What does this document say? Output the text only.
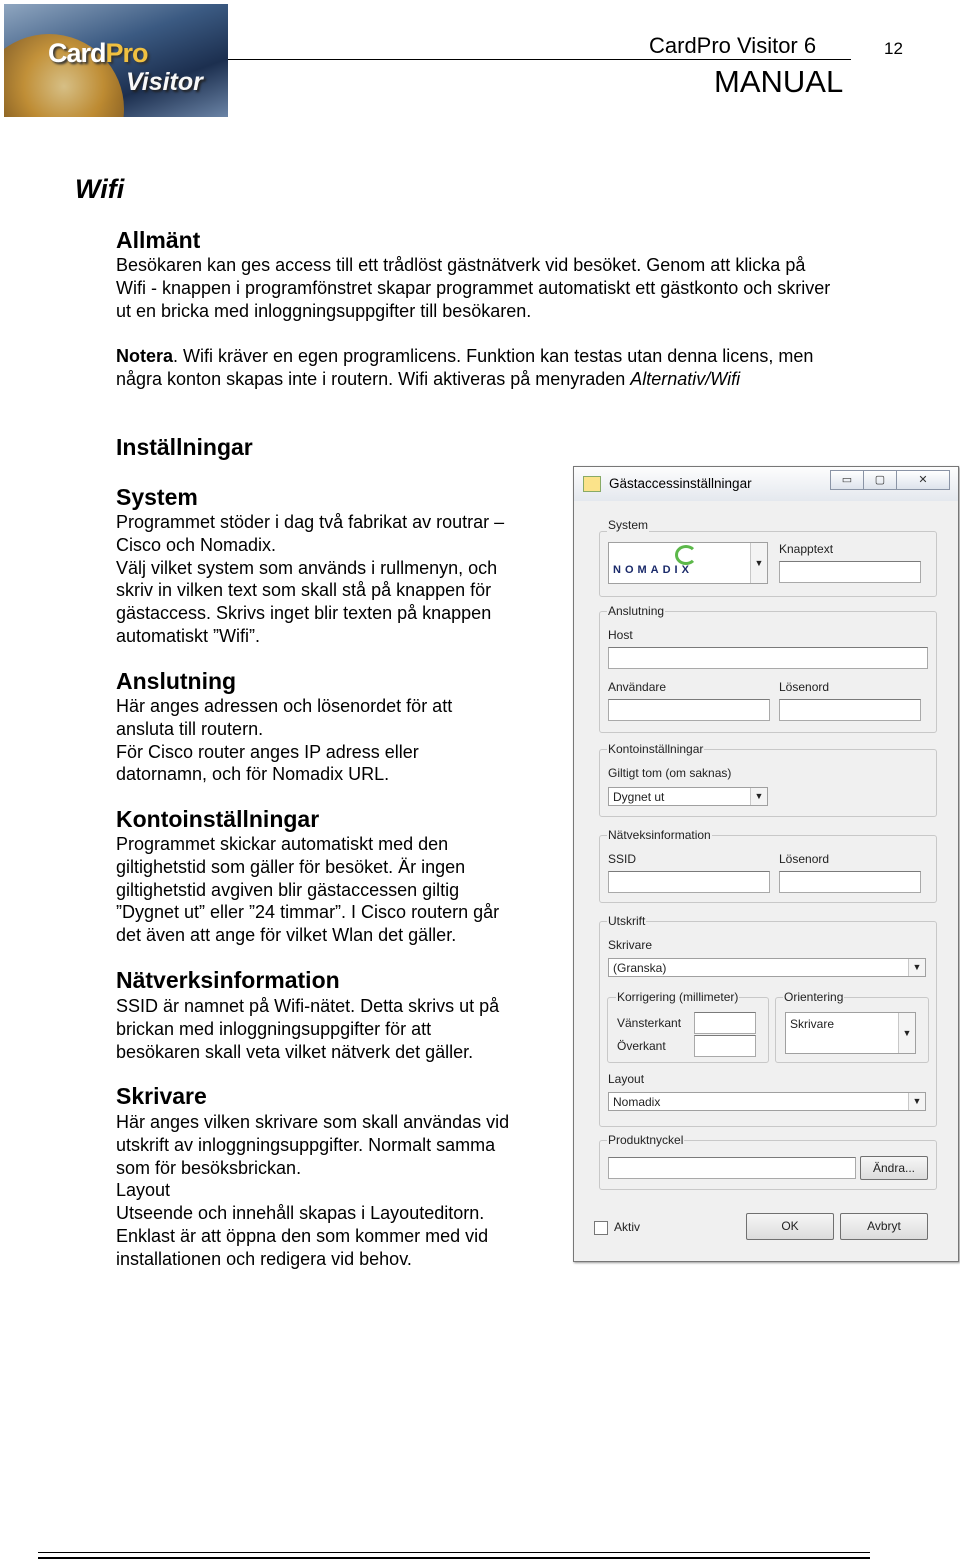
CardPro
Visitor
CardPro Visitor 6
MANUAL
12
Wifi
Allmänt
Besökaren kan ges access till ett trådlöst gästnätverk vid besöket. Genom att klicka på
Wifi - knappen i programfönstret skapar programmet automatiskt ett gästkonto och skriver
ut en bricka med inloggningsuppgifter till besökaren.
Notera. Wifi kräver en egen programlicens. Funktion kan testas utan denna licens, men
några konton skapas inte i routern. Wifi aktiveras på menyraden Alternativ/Wifi
Inställningar
System
Programmet stöder i dag två fabrikat av routrar –
Cisco och Nomadix.
Välj vilket system som används i rullmenyn, och
skriv in vilken text som skall stå på knappen för
gästaccess. Skrivs inget blir texten på knappen
automatiskt ”Wifi”.
Anslutning
Här anges adressen och lösenordet för att
ansluta till routern.
För Cisco router anges IP adress eller
datornamn, och för Nomadix URL.
Kontoinställningar
Programmet skickar automatiskt med den
giltighetstid som gäller för besöket. Är ingen
giltighetstid avgiven blir gästaccessen giltig
”Dygnet ut” eller ”24 timmar”. I Cisco routern går
det även att ange för vilket Wlan det gäller.
Nätverksinformation
SSID är namnet på Wifi-nätet. Detta skrivs ut på
brickan med inloggningsuppgifter för att
besökaren skall veta vilket nätverk det gäller.
Skrivare
Här anges vilken skrivare som skall användas vid
utskrift av inloggningsuppgifter. Normalt samma
som för besöksbrickan.
Layout
Utseende och innehåll skapas i Layouteditorn.
Enklast är att öppna den som kommer med vid
installationen och redigera vid behov.
Gästaccessinställningar	▭	▢	✕
System
NOMADIX
▼
Knapptext
Anslutning
Host
Användare	Lösenord
Kontoinställningar
Giltigt tom (om saknas)
Dygnet ut	▼
Nätveksinformation
SSID	Lösenord
Utskrift
Skrivare
(Granska)	▼
Korrigering (millimeter)
Vänsterkant
Överkant
Orientering
Skrivare
▼
Layout
Nomadix	▼
Produktnyckel
Ändra...
Aktiv	OK	Avbryt
